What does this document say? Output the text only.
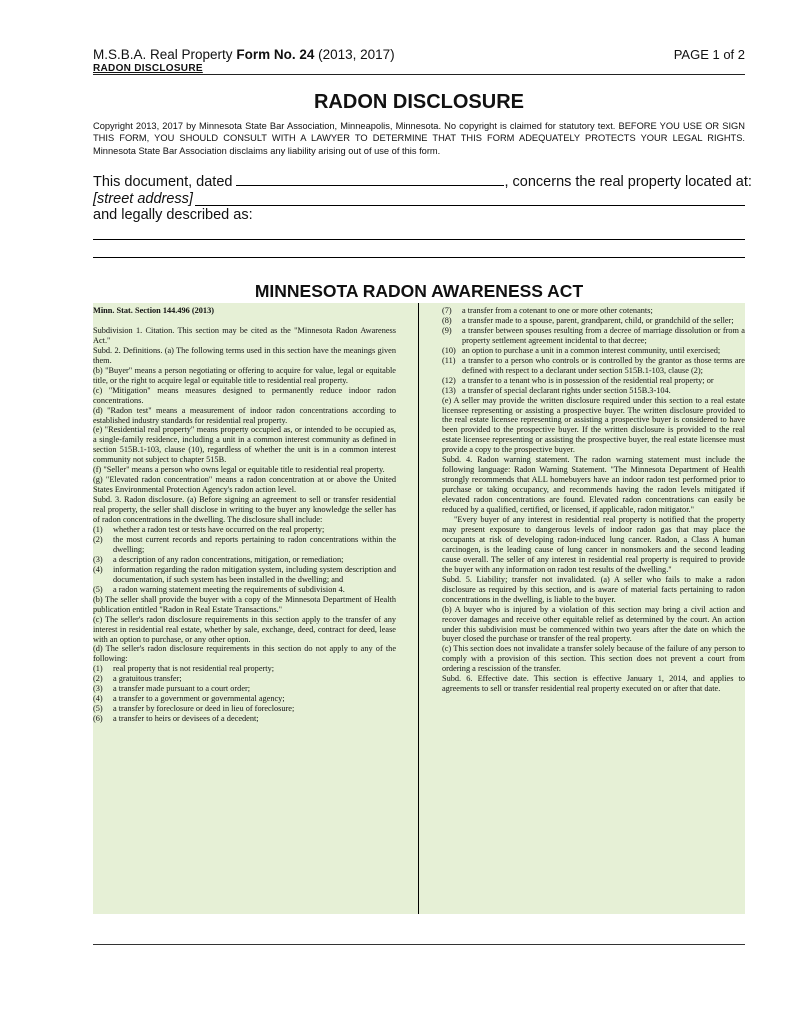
M.S.B.A. Real Property Form No. 24 (2013, 2017)	PAGE 1 of 2
RADON DISCLOSURE
RADON DISCLOSURE
Copyright 2013, 2017 by Minnesota State Bar Association, Minneapolis, Minnesota. No copyright is claimed for statutory text. BEFORE YOU USE OR SIGN THIS FORM, YOU SHOULD CONSULT WITH A LAWYER TO DETERMINE THAT THIS FORM ADEQUATELY PROTECTS YOUR LEGAL RIGHTS. Minnesota State Bar Association disclaims any liability arising out of use of this form.
This document, dated	, concerns the real property located at:
[street address]
and legally described as:
MINNESOTA RADON AWARENESS ACT

Minn. Stat. Section 144.496 (2013)

Subdivision 1. Citation. This section may be cited as the "Minnesota Radon Awareness Act."

Subd. 2. Definitions. (a) The following terms used in this section have the meanings given them.

(b) "Buyer" means a person negotiating or offering to acquire for value, legal or equitable title, or the right to acquire legal or equitable title to residential real property.

(c) "Mitigation" means measures designed to permanently reduce indoor radon concentrations.

(d) "Radon test" means a measurement of indoor radon concentrations according to established industry standards for residential real property.

(e) "Residential real property" means property occupied as, or intended to be occupied as, a single-family residence, including a unit in a common interest community as defined in section 515B.1-103, clause (10), regardless of whether the unit is in a common interest community not subject to chapter 515B.

(f) "Seller" means a person who owns legal or equitable title to residential real property.

(g) "Elevated radon concentration" means a radon concentration at or above the United States Environmental Protection Agency's radon action level.

Subd. 3. Radon disclosure. (a) Before signing an agreement to sell or transfer residential real property, the seller shall disclose in writing to the buyer any knowledge the seller has of radon concentrations in the dwelling. The disclosure shall include:

(1)	whether a radon test or tests have occurred on the real property;
(2)	the most current records and reports pertaining to radon concentrations within the dwelling;
(3)	a description of any radon concentrations, mitigation, or remediation;
(4)	information regarding the radon mitigation system, including system description and documentation, if such system has been installed in the dwelling; and
(5)	a radon warning statement meeting the requirements of subdivision 4.

(b) The seller shall provide the buyer with a copy of the Minnesota Department of Health publication entitled "Radon in Real Estate Transactions."

(c) The seller's radon disclosure requirements in this section apply to the transfer of any interest in residential real estate, whether by sale, exchange, deed, contract for deed, lease with an option to purchase, or any other option.

(d) The seller's radon disclosure requirements in this section do not apply to any of the following:

(1)	real property that is not residential real property;
(2)	a gratuitous transfer;
(3)	a transfer made pursuant to a court order;
(4)	a transfer to a government or governmental agency;
(5)	a transfer by foreclosure or deed in lieu of foreclosure;
(6)	a transfer to heirs or devisees of a decedent;
(7)	a transfer from a cotenant to one or more other cotenants;
(8)	a transfer made to a spouse, parent, grandparent, child, or grandchild of the seller;
(9)	a transfer between spouses resulting from a decree of marriage dissolution or from a property settlement agreement incidental to that decree;
(10) an option to purchase a unit in a common interest community, until exercised;
(11) a transfer to a person who controls or is controlled by the grantor as those terms are defined with respect to a declarant under section 515B.1-103, clause (2);
(12) a transfer to a tenant who is in possession of the residential real property; or
(13) a transfer of special declarant rights under section 515B.3-104.

(e) A seller may provide the written disclosure required under this section to a real estate licensee representing or assisting a prospective buyer. The written disclosure provided to the real estate licensee representing or assisting a prospective buyer is considered to have been provided to the prospective buyer. If the written disclosure is provided to the real estate licensee representing or assisting the prospective buyer, the real estate licensee must provide a copy to the prospective buyer.

Subd. 4. Radon warning statement. The radon warning statement must include the following language: Radon Warning Statement. "The Minnesota Department of Health strongly recommends that ALL homebuyers have an indoor radon test performed prior to purchase or taking occupancy, and recommends having the radon levels mitigated if elevated radon concentrations are found. Elevated radon concentrations can easily be reduced by a qualified, certified, or licensed, if applicable, radon mitigator."

"Every buyer of any interest in residential real property is notified that the property may present exposure to dangerous levels of indoor radon gas that may place the occupants at risk of developing radon-induced lung cancer. Radon, a Class A human carcinogen, is the leading cause of lung cancer in nonsmokers and the second leading cause overall. The seller of any interest in residential real property is required to provide the buyer with any information on radon test results of the dwelling."

Subd. 5. Liability; transfer not invalidated. (a) A seller who fails to make a radon disclosure as required by this section, and is aware of material facts pertaining to radon concentrations in the dwelling, is liable to the buyer.

(b) A buyer who is injured by a violation of this section may bring a civil action and recover damages and receive other equitable relief as determined by the court. An action under this subdivision must be commenced within two years after the date on which the buyer closed the purchase or transfer of the real property.

(c) This section does not invalidate a transfer solely because of the failure of any person to comply with a provision of this section. This section does not prevent a court from ordering a rescission of the transfer.

Subd. 6. Effective date. This section is effective January 1, 2014, and applies to agreements to sell or transfer residential real property executed on or after that date.
